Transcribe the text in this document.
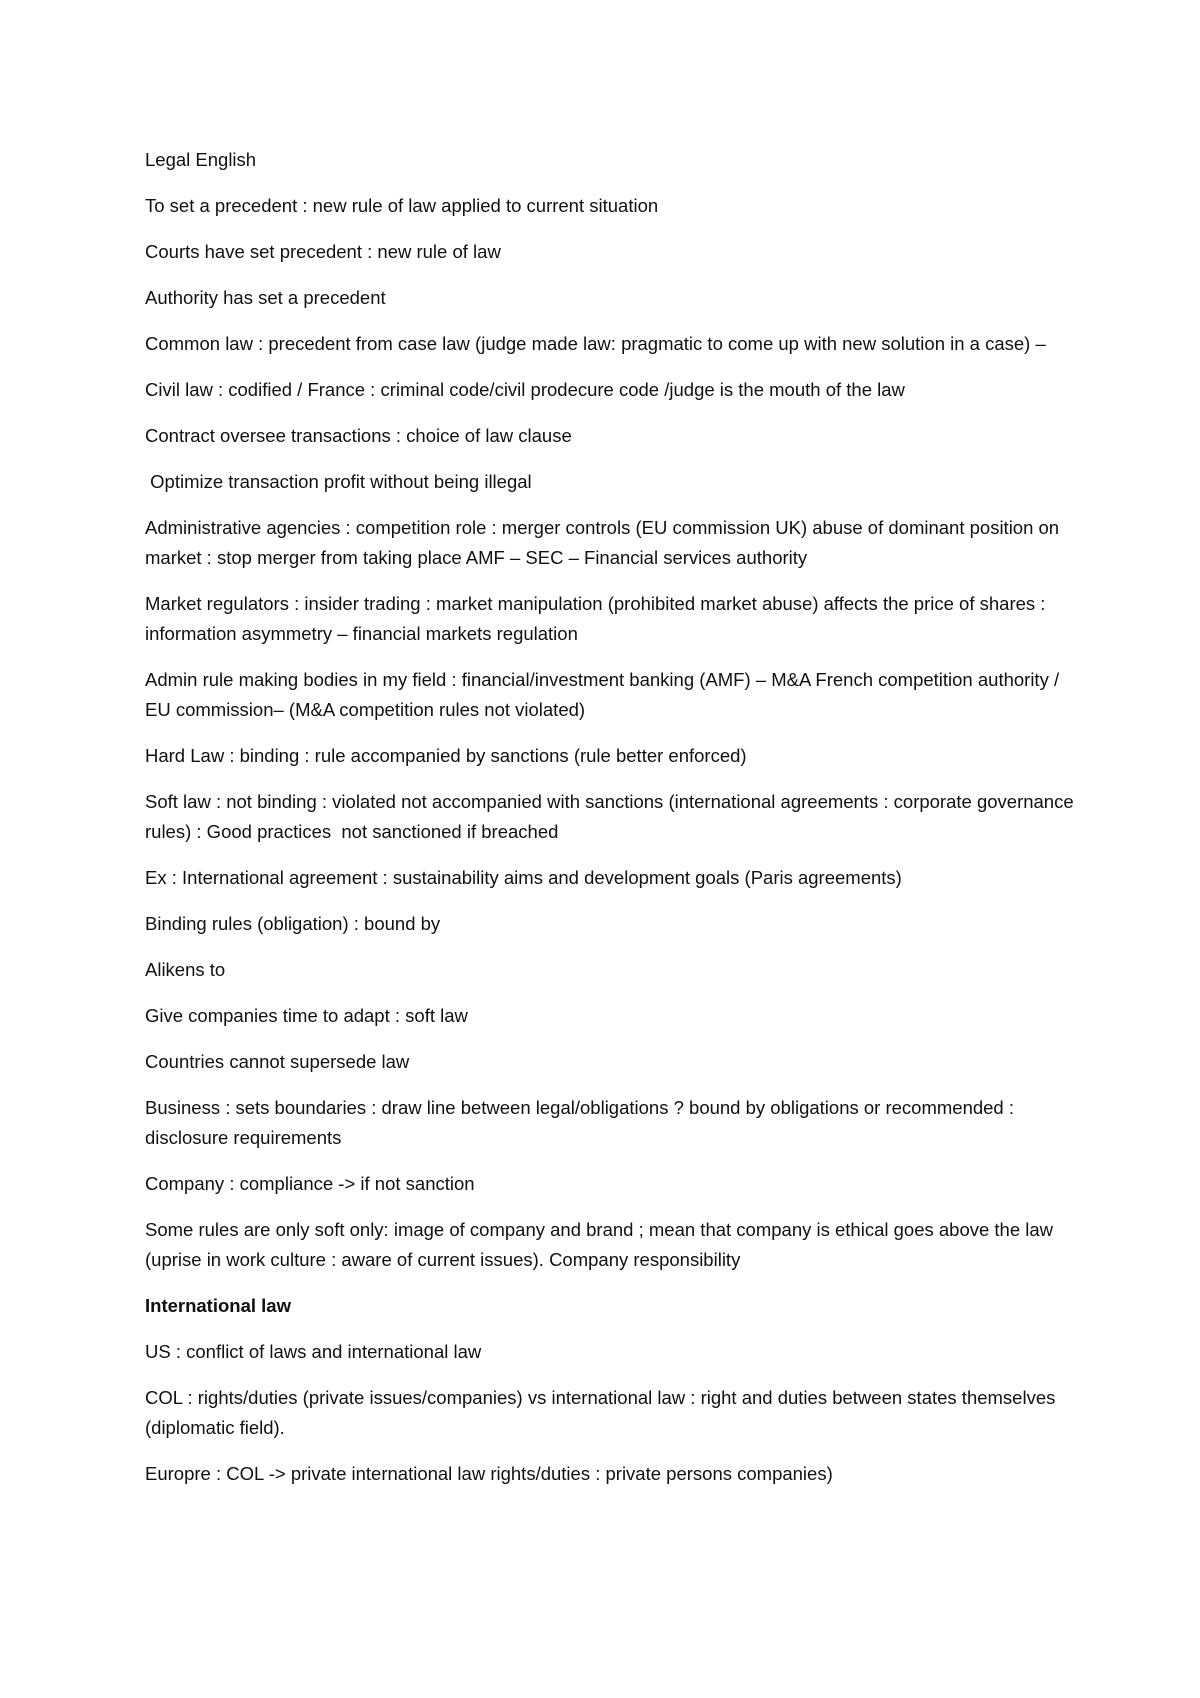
Legal English

To set a precedent : new rule of law applied to current situation

Courts have set precedent : new rule of law

Authority has set a precedent

Common law : precedent from case law (judge made law: pragmatic to come up with new solution in a case) –

Civil law : codified / France : criminal code/civil prodecure code /judge is the mouth of the law

Contract oversee transactions : choice of law clause

Optimize transaction profit without being illegal

Administrative agencies : competition role : merger controls (EU commission UK) abuse of dominant position on market : stop merger from taking place AMF – SEC – Financial services authority

Market regulators : insider trading : market manipulation (prohibited market abuse) affects the price of shares : information asymmetry – financial markets regulation

Admin rule making bodies in my field : financial/investment banking (AMF) – M&A French competition authority / EU commission– (M&A competition rules not violated)

Hard Law : binding : rule accompanied by sanctions (rule better enforced)

Soft law : not binding : violated not accompanied with sanctions (international agreements : corporate governance rules) : Good practices  not sanctioned if breached

Ex : International agreement : sustainability aims and development goals (Paris agreements)

Binding rules (obligation) : bound by

Alikens to

Give companies time to adapt : soft law

Countries cannot supersede law

Business : sets boundaries : draw line between legal/obligations ? bound by obligations or recommended : disclosure requirements

Company : compliance -> if not sanction

Some rules are only soft only: image of company and brand ; mean that company is ethical goes above the law (uprise in work culture : aware of current issues). Company responsibility

International law

US : conflict of laws and international law

COL : rights/duties (private issues/companies) vs international law : right and duties between states themselves (diplomatic field).

Europre : COL -> private international law rights/duties : private persons companies)
